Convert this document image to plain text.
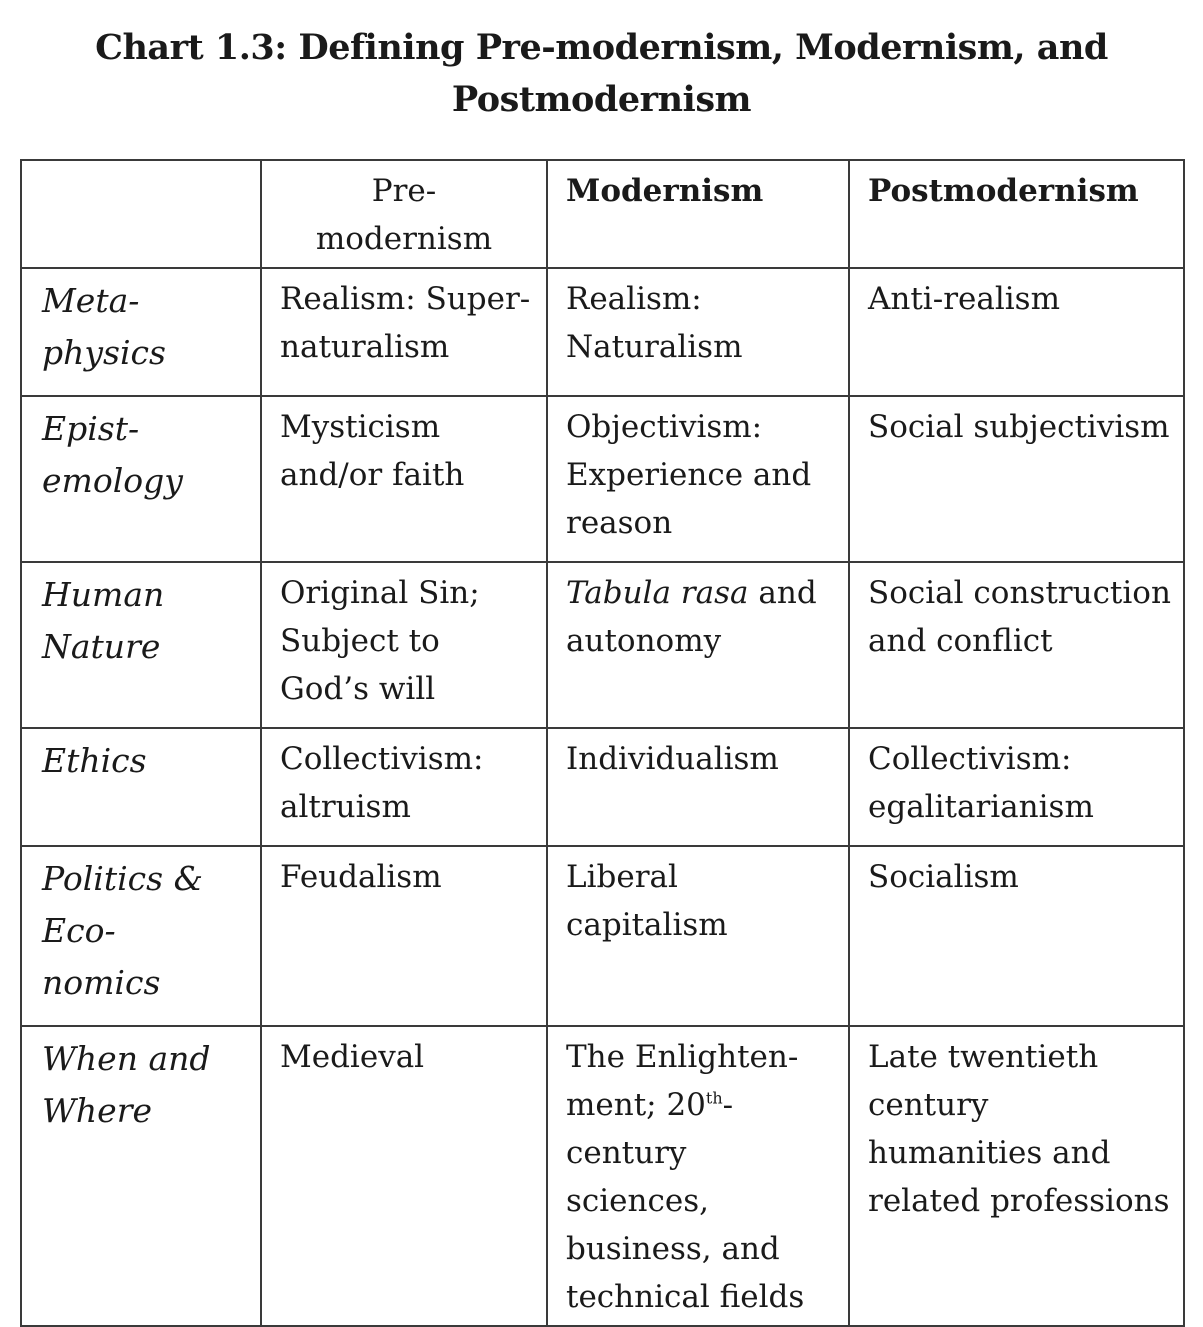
Chart 1.3: Defining Pre-modernism, Modernism, and
Postmodernism

	Pre-
modernism	Modernism	Postmodernism

Meta-
physics	Realism: Super-naturalism	Realism: Naturalism	Anti-realism

Epist-
emology	Mysticism and/or faith	Objectivism: Experience and reason	Social subjectivism

Human
Nature	Original Sin; Subject to God’s will	Tabula rasa and autonomy	Social construction and conflict

Ethics	Collectivism: altruism	Individualism	Collectivism: egalitarianism

Politics &
Eco-
nomics	Feudalism	Liberal capitalism	Socialism

When and
Where	Medieval	The Enlighten-ment; 20th-century sciences, business, and technical fields	Late twentieth century humanities and related professions
